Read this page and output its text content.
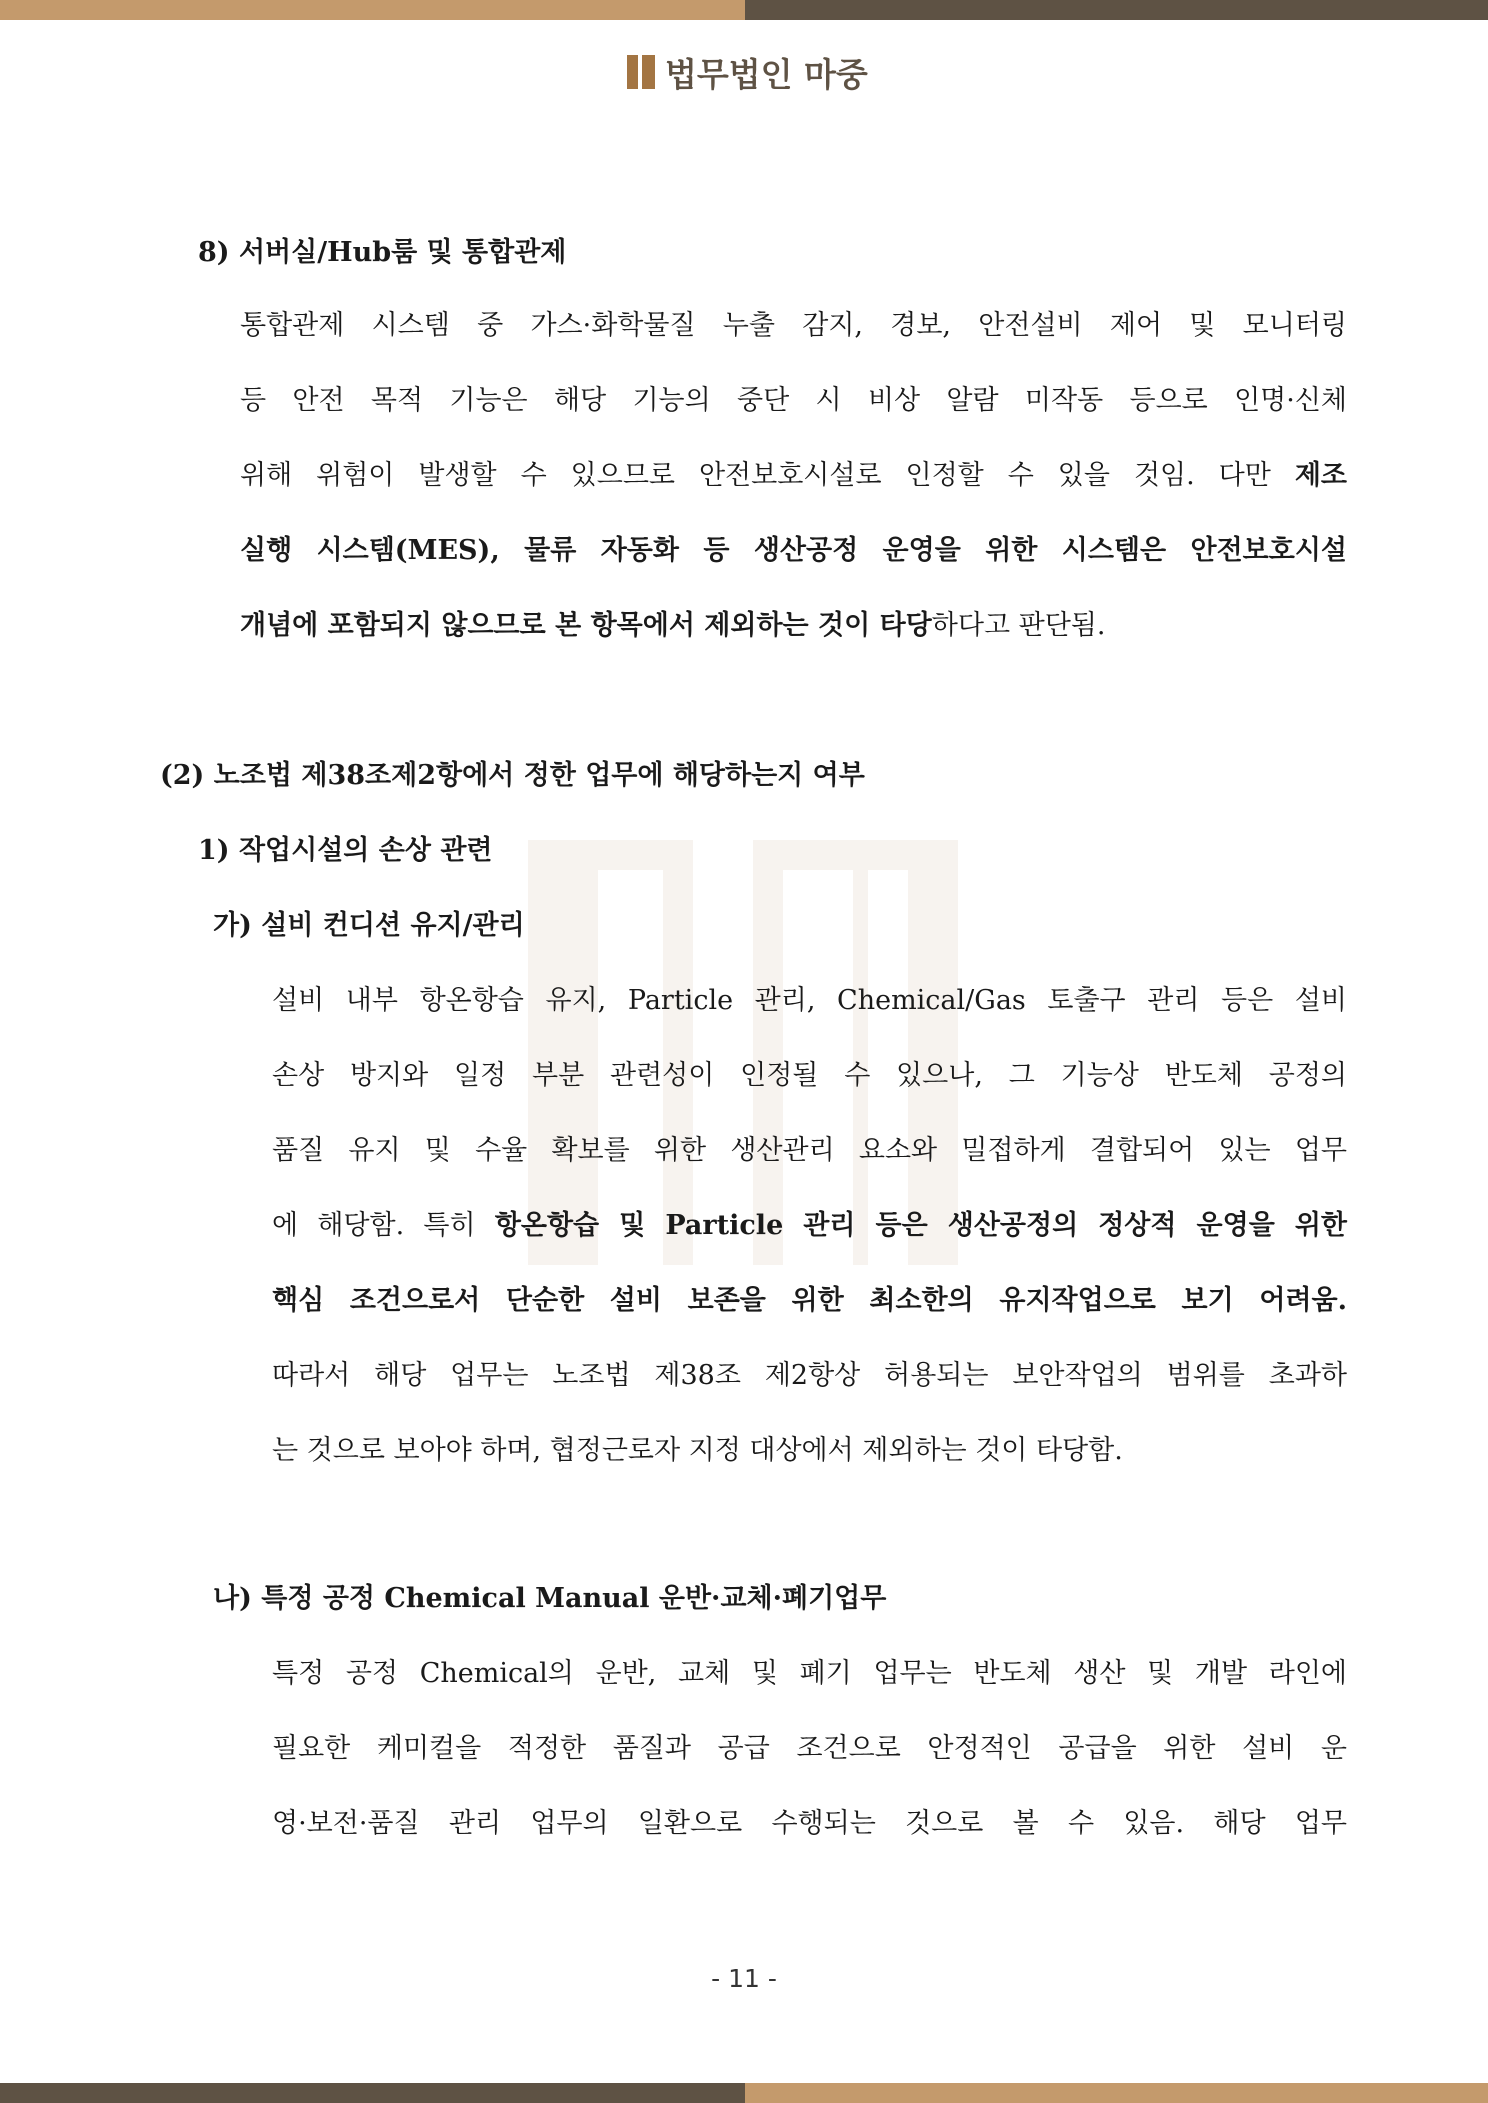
법무법인 마중
8) 서버실/Hub룸 및 통합관제
통합관제 시스템 중 가스·화학물질 누출 감지, 경보, 안전설비 제어 및 모니터링
등 안전 목적 기능은 해당 기능의 중단 시 비상 알람 미작동 등으로 인명·신체
위해 위험이 발생할 수 있으므로 안전보호시설로 인정할 수 있을 것임. 다만 제조
실행 시스템(MES), 물류 자동화 등 생산공정 운영을 위한 시스템은 안전보호시설
개념에 포함되지 않으므로 본 항목에서 제외하는 것이 타당하다고 판단됨.
(2) 노조법 제38조제2항에서 정한 업무에 해당하는지 여부
1) 작업시설의 손상 관련
가) 설비 컨디션 유지/관리
설비 내부 항온항습 유지, Particle 관리, Chemical/Gas 토출구 관리 등은 설비
손상 방지와 일정 부분 관련성이 인정될 수 있으나, 그 기능상 반도체 공정의
품질 유지 및 수율 확보를 위한 생산관리 요소와 밀접하게 결합되어 있는 업무
에 해당함. 특히 항온항습 및 Particle 관리 등은 생산공정의 정상적 운영을 위한
핵심 조건으로서 단순한 설비 보존을 위한 최소한의 유지작업으로 보기 어려움.
따라서 해당 업무는 노조법 제38조 제2항상 허용되는 보안작업의 범위를 초과하
는 것으로 보아야 하며, 협정근로자 지정 대상에서 제외하는 것이 타당함.
나) 특정 공정 Chemical Manual 운반·교체·폐기업무
특정 공정 Chemical의 운반, 교체 및 폐기 업무는 반도체 생산 및 개발 라인에
필요한 케미컬을 적정한 품질과 공급 조건으로 안정적인 공급을 위한 설비 운
영·보전·품질 관리 업무의 일환으로 수행되는 것으로 볼 수 있음. 해당 업무
- 11 -
